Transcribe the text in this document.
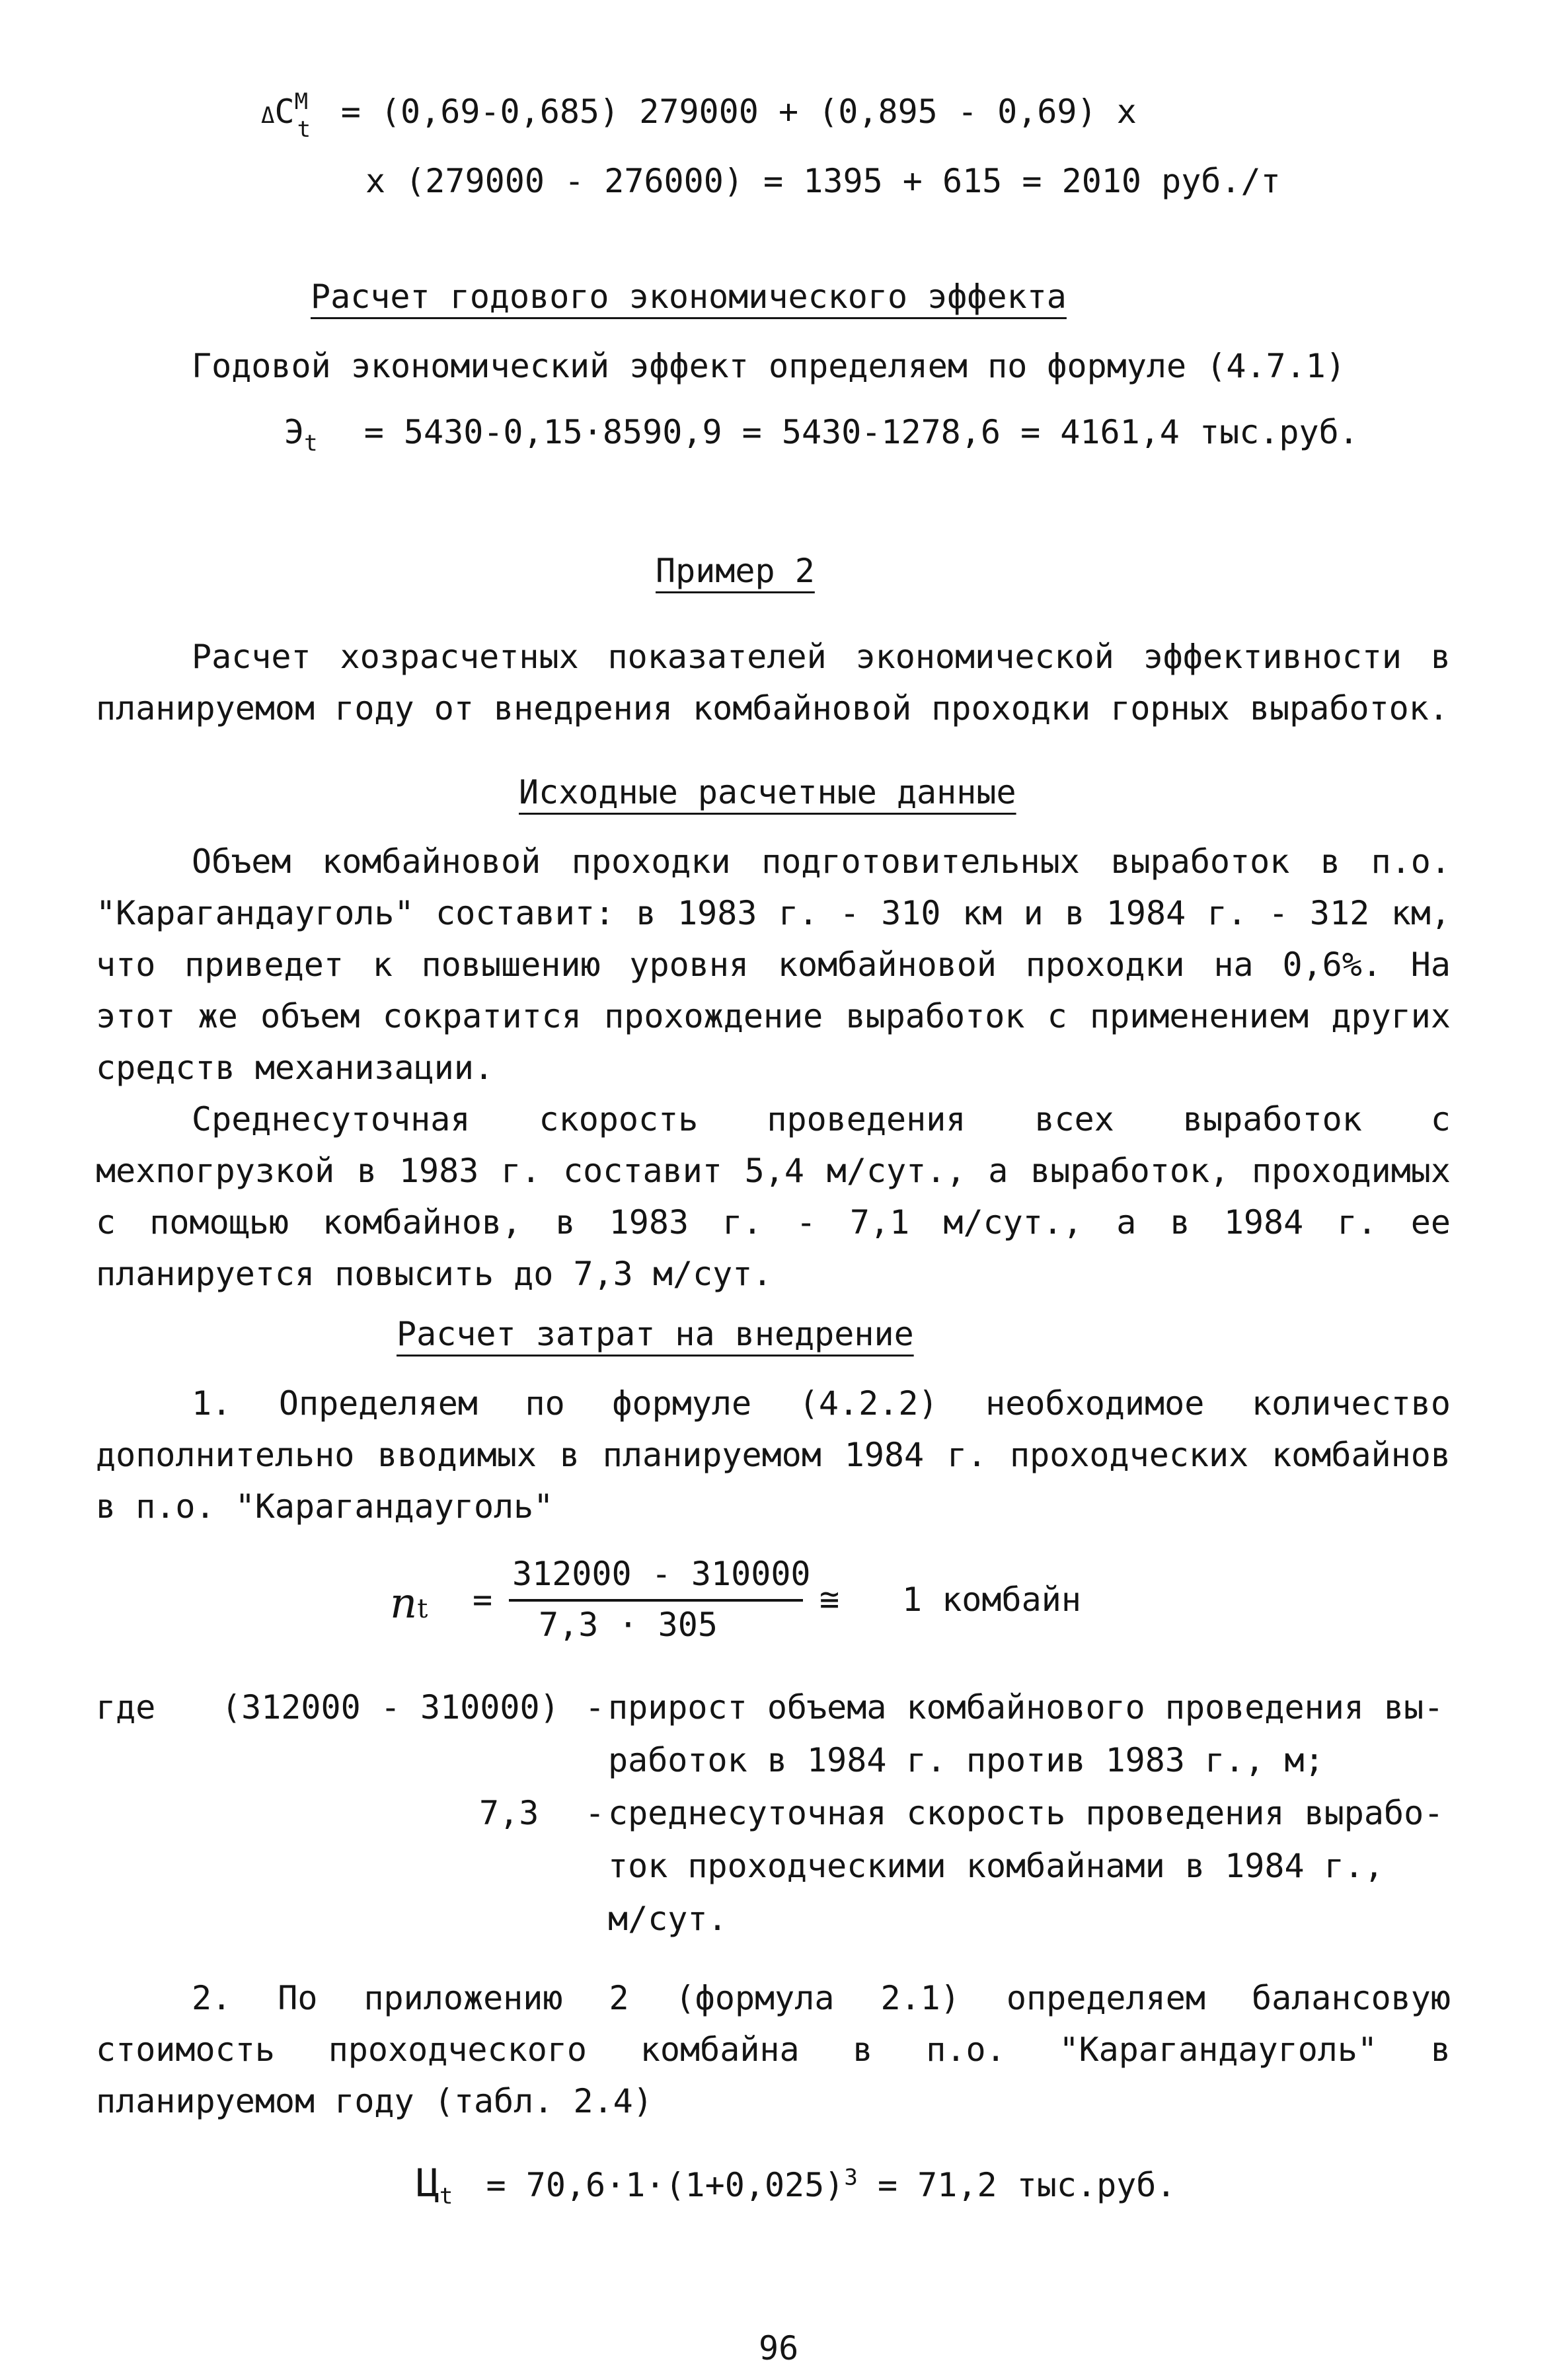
ΔC М
t = (0,69-0,685) 279000 + (0,895 - 0,69) x
x (279000 - 276000) = 1395 + 615 = 2010 руб./т
Расчет годового экономического эффекта
Годовой экономический эффект определяем по формуле (4.7.1)
$Э_t = 5430-0,15\cdot 8590,9 = 5430-1278,6 = 4161,4$ тыс.руб.
Пример 2
Расчет хозрасчетных показателей экономической эффективности в планируемом году от внедрения комбайновой проходки горных выработок.
Исходные расчетные данные
Объем комбайновой проходки подготовительных выработок в п.о. "Карагандауголь" составит: в 1983 г. - 310 км и в 1984 г. - 312 км, что приведет к повышению уровня комбайновой проходки на 0,6%. На этот же объем сократится прохождение выработок с применением других средств механизации.
Среднесуточная скорость проведения всех выработок с мехпогрузкой в 1983 г. составит 5,4 м/сут., а выработок, проходимых с помощью комбайнов, в 1983 г. - 7,1 м/сут., а в 1984 г. ее планируется повысить до 7,3 м/сут.
Расчет затрат на внедрение
1. Определяем по формуле (4.2.2) необходимое количество дополнительно вводимых в планируемом 1984 г. проходческих комбайнов в п.о. "Карагандауголь"
nt =
312000 - 310000
7,3 · 305
≅ 1 комбайн
где (312000 - 310000) - прирост объема комбайнового проведения вы-
работок в 1984 г. против 1983 г., м;
7,3 - среднесуточная скорость проведения вырабо-
ток проходческими комбайнами в 1984 г.,
м/сут.
2. По приложению 2 (формула 2.1) определяем балансовую стоимость проходческого комбайна в п.о. "Карагандауголь" в планируемом году (табл. 2.4)
$Ц_t = 70,6\cdot 1\cdot(1+0,025)^3 = 71,2$ тыс.руб.
96
